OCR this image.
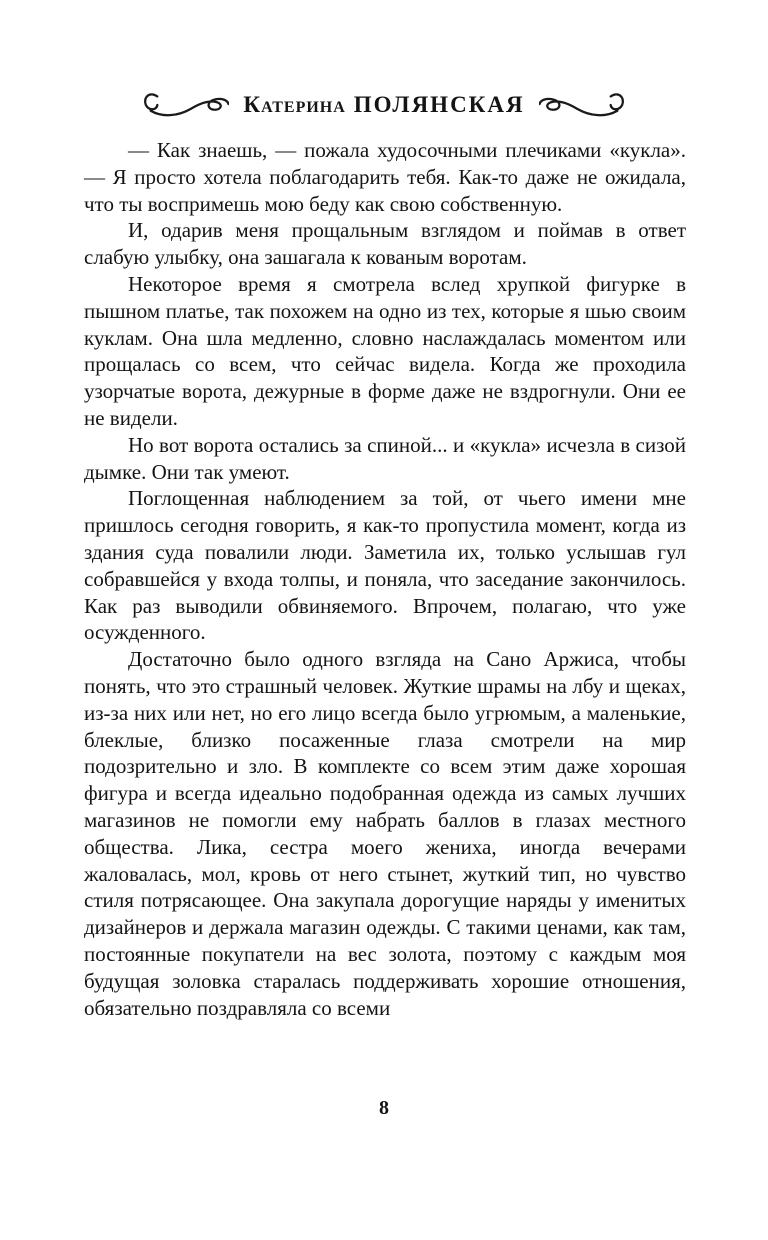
Катерина ПОЛЯНСКАЯ

— Как знаешь, — пожала худосочными плечиками «кукла». — Я просто хотела поблагодарить тебя. Как-то даже не ожидала, что ты воспримешь мою беду как свою собственную.

И, одарив меня прощальным взглядом и поймав в ответ слабую улыбку, она зашагала к кованым воротам.

Некоторое время я смотрела вслед хрупкой фигурке в пышном платье, так похожем на одно из тех, которые я шью своим куклам. Она шла медленно, словно наслаждалась моментом или прощалась со всем, что сейчас видела. Когда же проходила узорчатые ворота, дежурные в форме даже не вздрогнули. Они ее не видели.

Но вот ворота остались за спиной... и «кукла» исчезла в сизой дымке. Они так умеют.

Поглощенная наблюдением за той, от чьего имени мне пришлось сегодня говорить, я как-то пропустила момент, когда из здания суда повалили люди. Заметила их, только услышав гул собравшейся у входа толпы, и поняла, что заседание закончилось. Как раз выводили обвиняемого. Впрочем, полагаю, что уже осужденного.

Достаточно было одного взгляда на Сано Аржиса, чтобы понять, что это страшный человек. Жуткие шрамы на лбу и щеках, из-за них или нет, но его лицо всегда было угрюмым, а маленькие, блеклые, близко посаженные глаза смотрели на мир подозрительно и зло. В комплекте со всем этим даже хорошая фигура и всегда идеально подобранная одежда из самых лучших магазинов не помогли ему набрать баллов в глазах местного общества. Лика, сестра моего жениха, иногда вечерами жаловалась, мол, кровь от него стынет, жуткий тип, но чувство стиля потрясающее. Она закупала дорогущие наряды у именитых дизайнеров и держала магазин одежды. С такими ценами, как там, постоянные покупатели на вес золота, поэтому с каждым моя будущая золовка старалась поддерживать хорошие отношения, обязательно поздравляла со всеми

8
